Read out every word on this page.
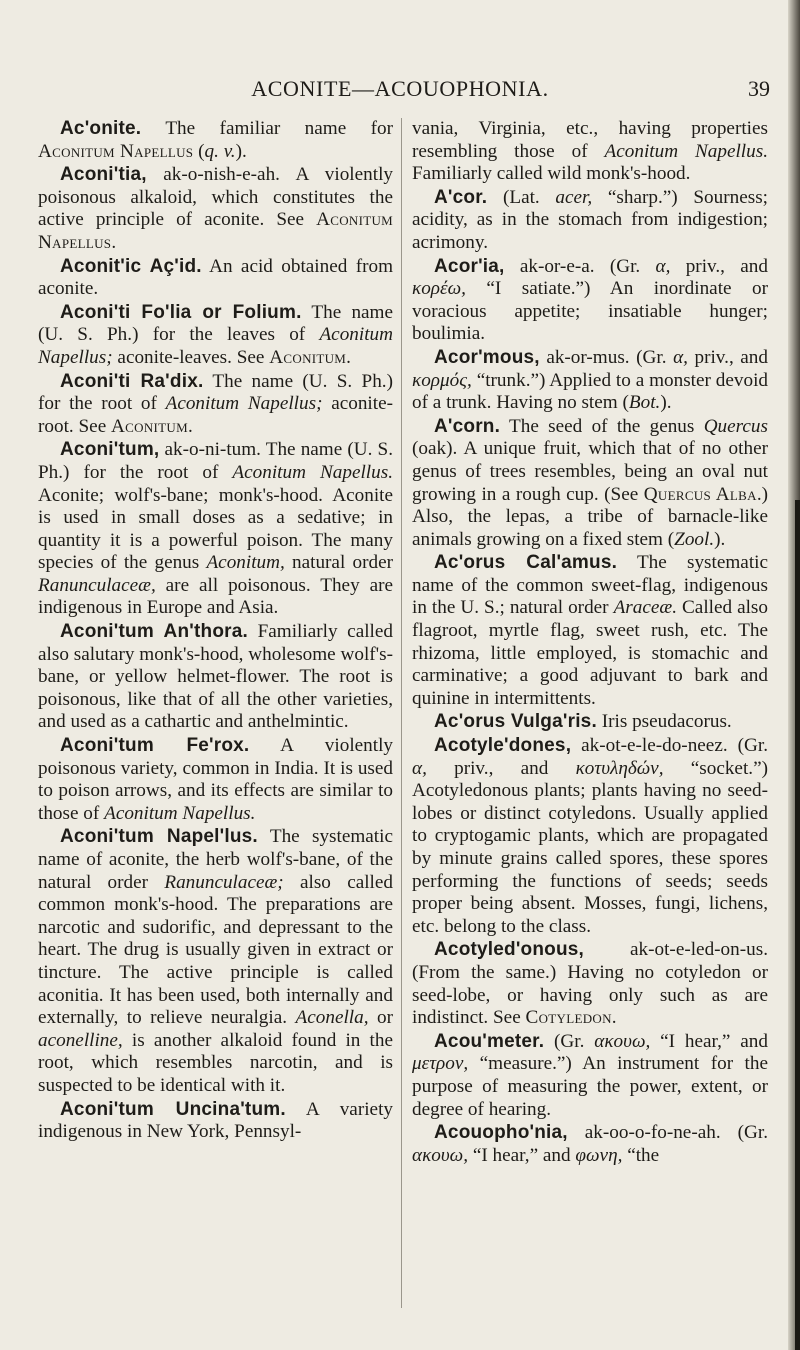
ACONITE—ACOUOPHONIA.	39

Ac'onite. The familiar name for Aconitum Napellus (q. v.).

Aconi'tia, ak-o-nish-e-ah. A violently poisonous alkaloid, which constitutes the active principle of aconite. See Aconitum Napellus.

Aconit'ic Aç'id. An acid obtained from aconite.

Aconi'ti Fo'lia or Folium. The name (U. S. Ph.) for the leaves of Aconitum Napellus; aconite-leaves. See Aconitum.

Aconi'ti Ra'dix. The name (U. S. Ph.) for the root of Aconitum Napellus; aconite-root. See Aconitum.

Aconi'tum, ak-o-ni-tum. The name (U. S. Ph.) for the root of Aconitum Napellus. Aconite; wolf's-bane; monk's-hood. Aconite is used in small doses as a sedative; in quantity it is a powerful poison. The many species of the genus Aconitum, natural order Ranunculaceæ, are all poisonous. They are indigenous in Europe and Asia.

Aconi'tum An'thora. Familiarly called also salutary monk's-hood, wholesome wolf's-bane, or yellow helmet-flower. The root is poisonous, like that of all the other varieties, and used as a cathartic and anthelmintic.

Aconi'tum Fe'rox. A violently poisonous variety, common in India. It is used to poison arrows, and its effects are similar to those of Aconitum Napellus.

Aconi'tum Napel'lus. The systematic name of aconite, the herb wolf's-bane, of the natural order Ranunculaceæ; also called common monk's-hood. The preparations are narcotic and sudorific, and depressant to the heart. The drug is usually given in extract or tincture. The active principle is called aconitia. It has been used, both internally and externally, to relieve neuralgia. Aconella, or aconelline, is another alkaloid found in the root, which resembles narcotin, and is suspected to be identical with it.

Aconi'tum Uncina'tum. A variety indigenous in New York, Pennsyl-

vania, Virginia, etc., having properties resembling those of Aconitum Napellus. Familiarly called wild monk's-hood.

A'cor. (Lat. acer, “sharp.”) Sourness; acidity, as in the stomach from indigestion; acrimony.

Acor'ia, ak-or-e-a. (Gr. α, priv., and κορέω, “I satiate.”) An inordinate or voracious appetite; insatiable hunger; boulimia.

Acor'mous, ak-or-mus. (Gr. α, priv., and κορμός, “trunk.”) Applied to a monster devoid of a trunk. Having no stem (Bot.).

A'corn. The seed of the genus Quercus (oak). A unique fruit, which that of no other genus of trees resembles, being an oval nut growing in a rough cup. (See Quercus Alba.) Also, the lepas, a tribe of barnacle-like animals growing on a fixed stem (Zool.).

Ac'orus Cal'amus. The systematic name of the common sweet-flag, indigenous in the U. S.; natural order Araceæ. Called also flagroot, myrtle flag, sweet rush, etc. The rhizoma, little employed, is stomachic and carminative; a good adjuvant to bark and quinine in intermittents.

Ac'orus Vulga'ris. Iris pseudacorus.

Acotyle'dones, ak-ot-e-le-do-neez. (Gr. α, priv., and κοτυληδών, “socket.”) Acotyledonous plants; plants having no seed-lobes or distinct cotyledons. Usually applied to cryptogamic plants, which are propagated by minute grains called spores, these spores performing the functions of seeds; seeds proper being absent. Mosses, fungi, lichens, etc. belong to the class.

Acotyled'onous, ak-ot-e-led-on-us. (From the same.) Having no cotyledon or seed-lobe, or having only such as are indistinct. See Cotyledon.

Acou'meter. (Gr. ακουω, “I hear,” and μετρον, “measure.”) An instrument for the purpose of measuring the power, extent, or degree of hearing.

Acouopho'nia, ak-oo-o-fo-ne-ah. (Gr. ακουω, “I hear,” and φωνη, “the
